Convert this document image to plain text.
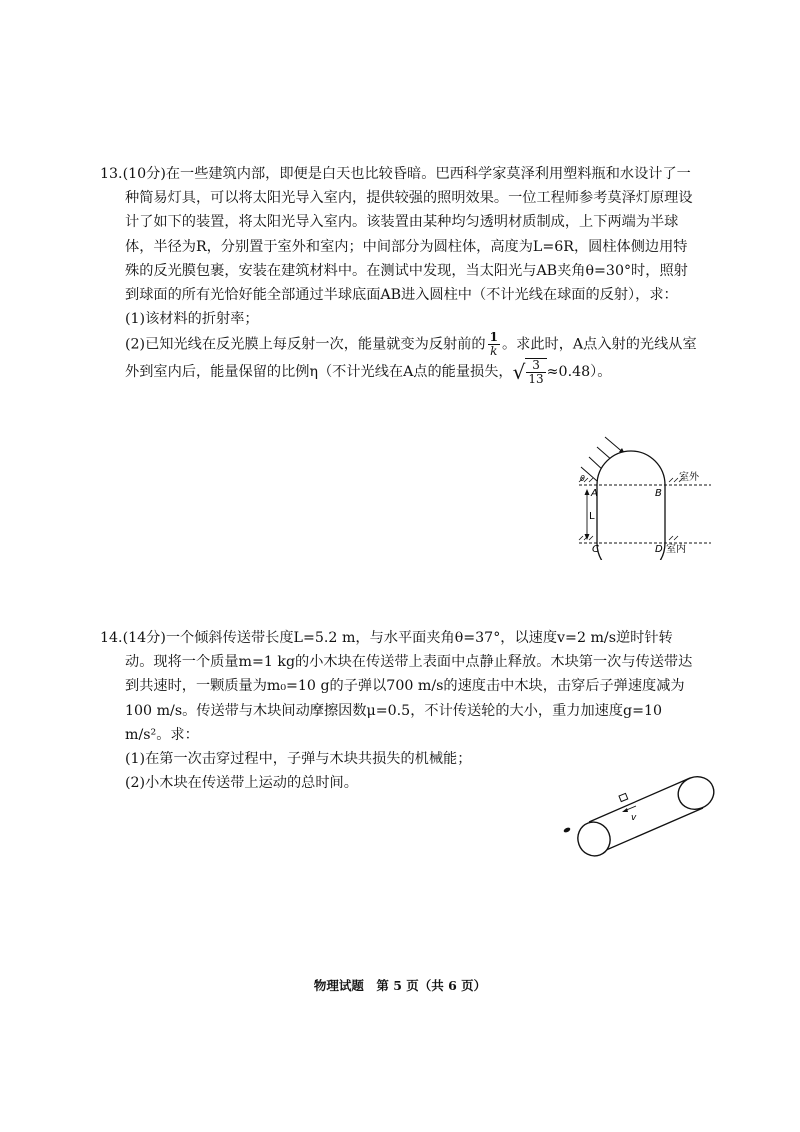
13.(10分)在一些建筑内部，即便是白天也比较昏暗。巴西科学家莫泽利用塑料瓶和水设计了一种简易灯具，可以将太阳光导入室内，提供较强的照明效果。一位工程师参考莫泽灯原理设计了如下的装置，将太阳光导入室内。该装置由某种均匀透明材质制成，上下两端为半球体，半径为R，分别置于室外和室内；中间部分为圆柱体，高度为L=6R，圆柱体侧边用特殊的反光膜包裹，安装在建筑材料中。在测试中发现，当太阳光与AB夹角θ=30°时，照射到球面的所有光恰好能全部通过半球底面AB进入圆柱中（不计光线在球面的反射），求：

(1)该材料的折射率；

(2)已知光线在反光膜上每反射一次，能量就变为反射前的 $\frac{1}{k}$ 。求此时，A点入射的光线从室外到室内后，能量保留的比例η（不计光线在A点的能量损失， √ $\frac{3}{13} \approx 0.48$）。

L
θ
A	B
C	D
室外
室内

14.(14分)一个倾斜传送带长度L=5.2 m，与水平面夹角θ=37°，以速度v=2 m/s逆时针转动。现将一个质量m=1 kg的小木块在传送带上表面中点静止释放。木块第一次与传送带达到共速时，一颗质量为m₀=10 g的子弹以700 m/s的速度击中木块，击穿后子弹速度减为100 m/s。传送带与木块间动摩擦因数μ=0.5，不计传送轮的大小，重力加速度g=10 m/s²。求：

(1)在第一次击穿过程中，子弹与木块共损失的机械能；

(2)小木块在传送带上运动的总时间。

v
物理试题　第 5 页（共 6 页）
